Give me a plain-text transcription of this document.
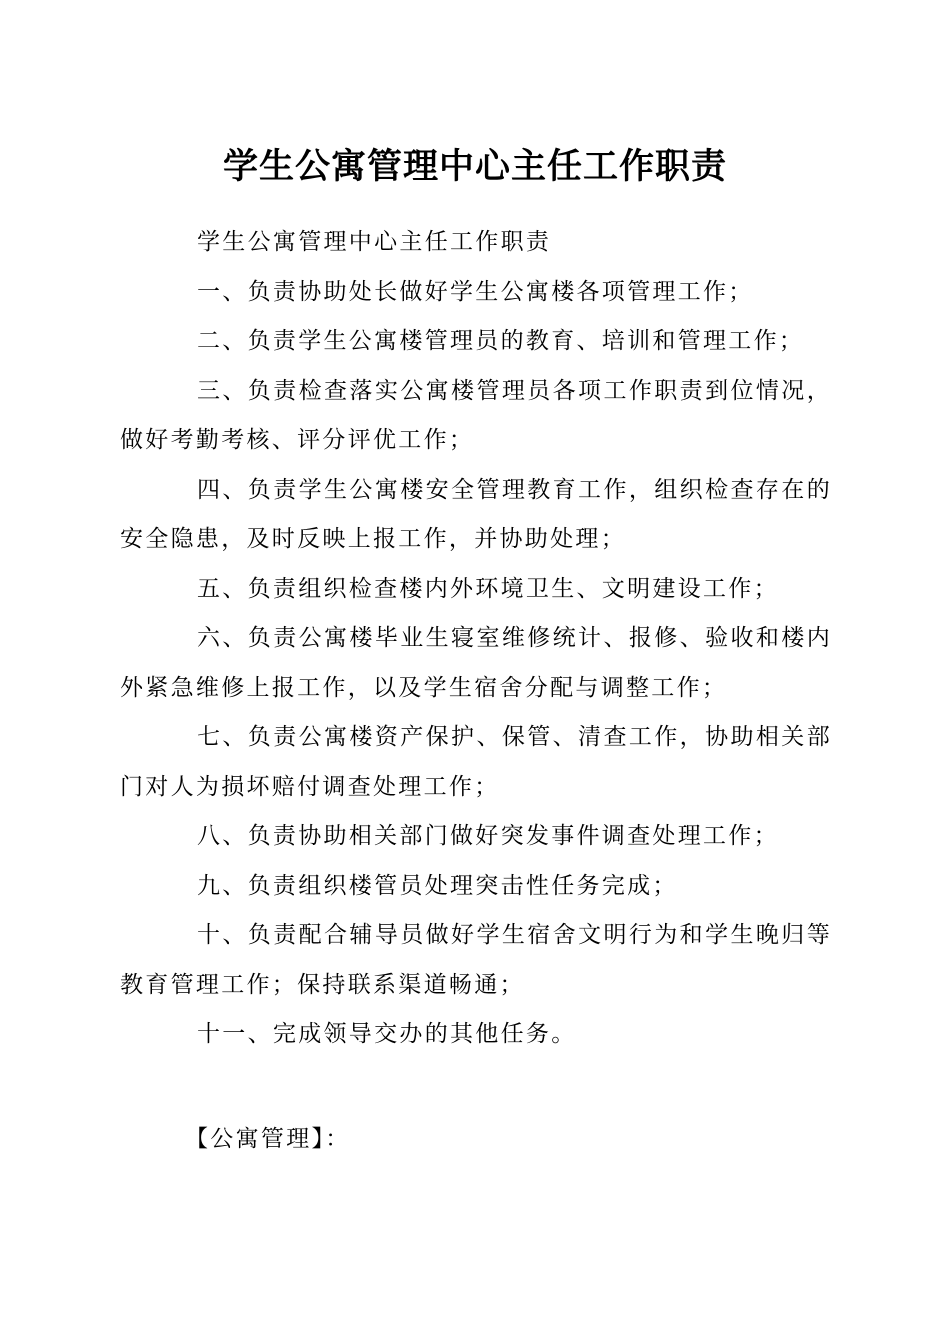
学生公寓管理中心主任工作职责

学生公寓管理中心主任工作职责

一、负责协助处长做好学生公寓楼各项管理工作；

二、负责学生公寓楼管理员的教育、培训和管理工作；

三、负责检查落实公寓楼管理员各项工作职责到位情况，做好考勤考核、评分评优工作；

四、负责学生公寓楼安全管理教育工作，组织检查存在的安全隐患，及时反映上报工作，并协助处理；

五、负责组织检查楼内外环境卫生、文明建设工作；

六、负责公寓楼毕业生寝室维修统计、报修、验收和楼内外紧急维修上报工作，以及学生宿舍分配与调整工作；

七、负责公寓楼资产保护、保管、清查工作，协助相关部门对人为损坏赔付调查处理工作；

八、负责协助相关部门做好突发事件调查处理工作；

九、负责组织楼管员处理突击性任务完成；

十、负责配合辅导员做好学生宿舍文明行为和学生晚归等教育管理工作；保持联系渠道畅通；

十一、完成领导交办的其他任务。

【公寓管理】：
